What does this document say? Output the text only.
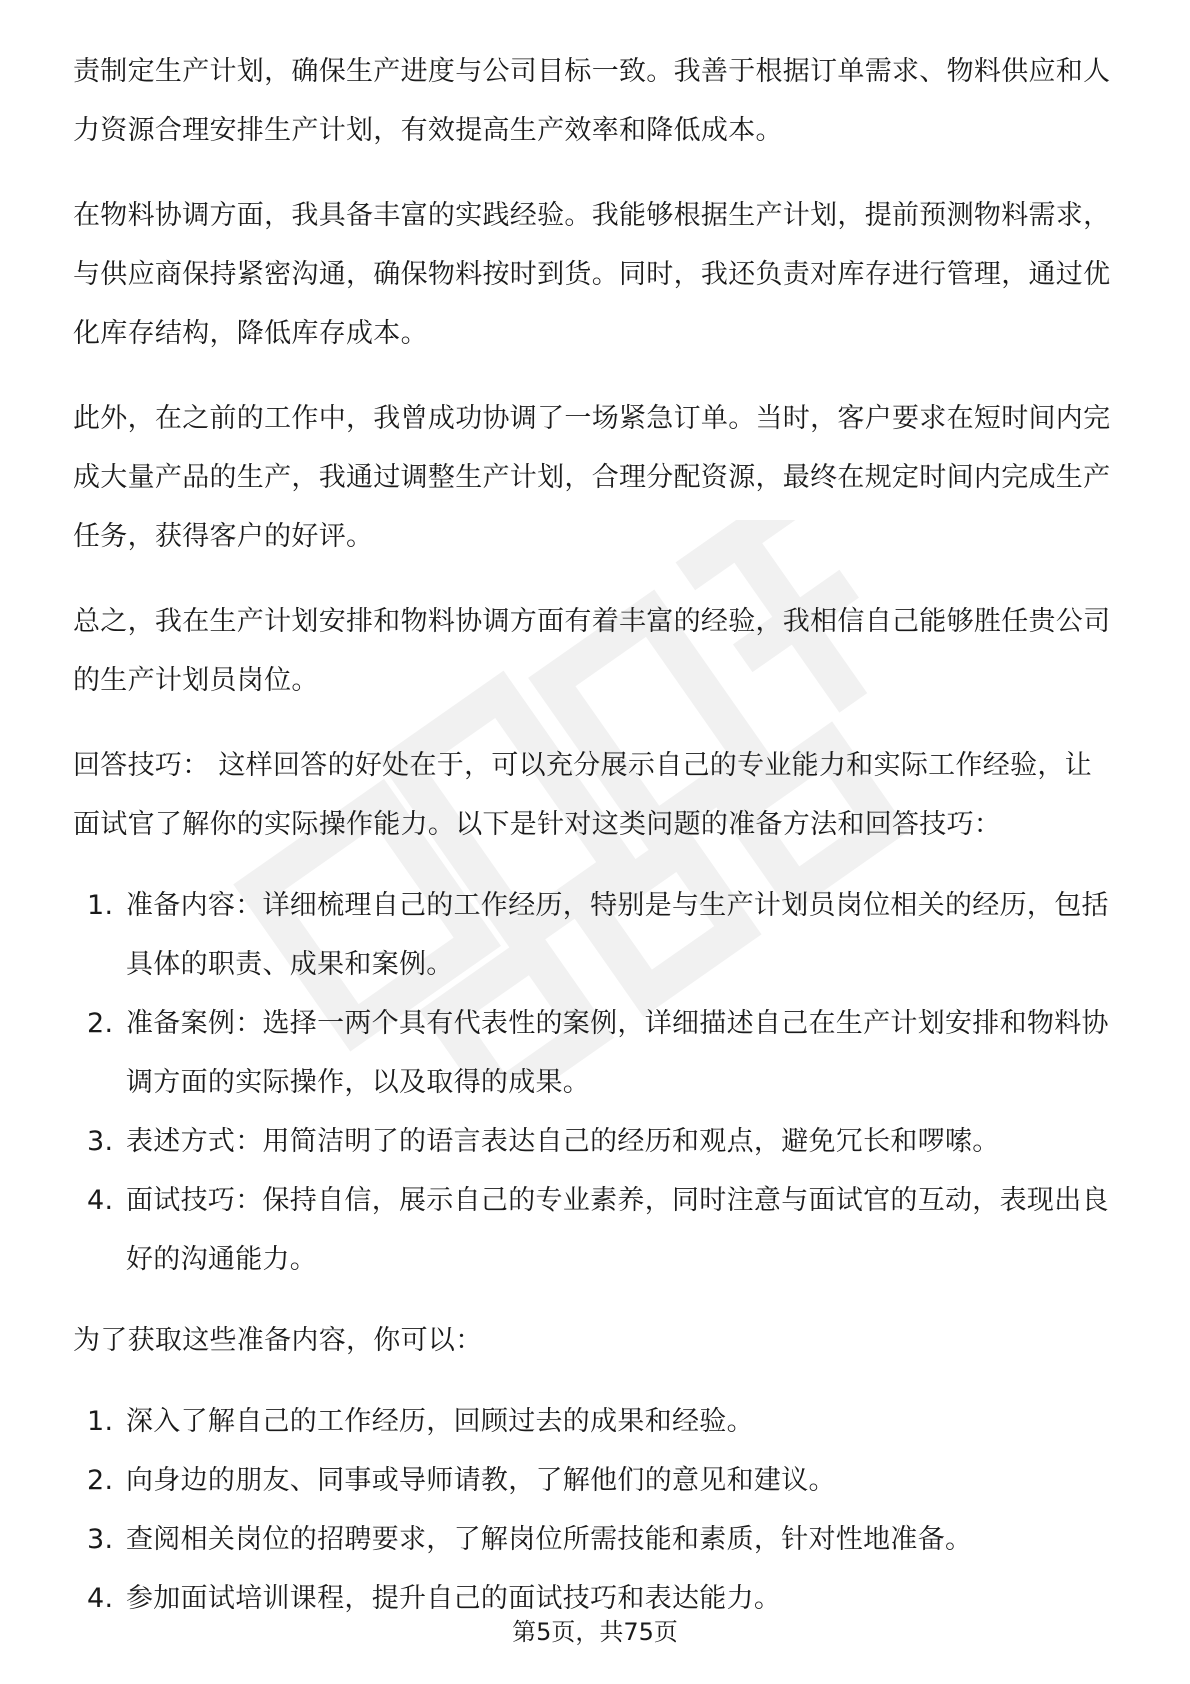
责制定生产计划，确保生产进度与公司目标一致。我善于根据订单需求、物料供应和人力资源合理安排生产计划，有效提高生产效率和降低成本。

在物料协调方面，我具备丰富的实践经验。我能够根据生产计划，提前预测物料需求，与供应商保持紧密沟通，确保物料按时到货。同时，我还负责对库存进行管理，通过优化库存结构，降低库存成本。

此外，在之前的工作中，我曾成功协调了一场紧急订单。当时，客户要求在短时间内完成大量产品的生产，我通过调整生产计划，合理分配资源，最终在规定时间内完成生产任务，获得客户的好评。

总之，我在生产计划安排和物料协调方面有着丰富的经验，我相信自己能够胜任贵公司的生产计划员岗位。

回答技巧： 这样回答的好处在于，可以充分展示自己的专业能力和实际工作经验，让面试官了解你的实际操作能力。以下是针对这类问题的准备方法和回答技巧：

1. 准备内容：详细梳理自己的工作经历，特别是与生产计划员岗位相关的经历，包括具体的职责、成果和案例。
2. 准备案例：选择一两个具有代表性的案例，详细描述自己在生产计划安排和物料协调方面的实际操作，以及取得的成果。
3. 表述方式：用简洁明了的语言表达自己的经历和观点，避免冗长和啰嗦。
4. 面试技巧：保持自信，展示自己的专业素养，同时注意与面试官的互动，表现出良好的沟通能力。

为了获取这些准备内容，你可以：

1. 深入了解自己的工作经历，回顾过去的成果和经验。
2. 向身边的朋友、同事或导师请教，了解他们的意见和建议。
3. 查阅相关岗位的招聘要求，了解岗位所需技能和素质，针对性地准备。
4. 参加面试培训课程，提升自己的面试技巧和表达能力。
第5页，共75页
